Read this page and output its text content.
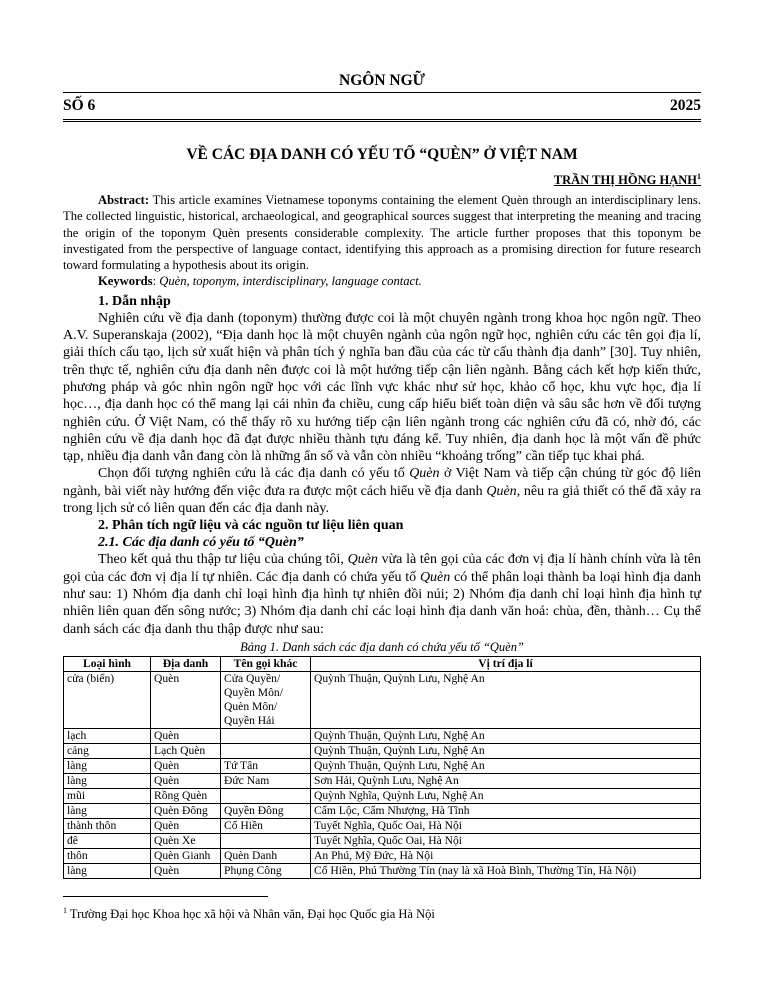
NGÔN NGỮ
SỐ 6	2025
VỀ CÁC ĐỊA DANH CÓ YẾU TỐ “QUÈN” Ở VIỆT NAM
TRẦN THỊ HỒNG HẠNH$^1$

Abstract: This article examines Vietnamese toponyms containing the element Quèn through an interdisciplinary lens. The collected linguistic, historical, archaeological, and geographical sources suggest that interpreting the meaning and tracing the origin of the toponym Quèn presents considerable complexity. The article further proposes that this toponym be investigated from the perspective of language contact, identifying this approach as a promising direction for future research toward formulating a hypothesis about its origin.

Keywords: Quèn, toponym, interdisciplinary, language contact.

1. Dẫn nhập

Nghiên cứu về địa danh (toponym) thường được coi là một chuyên ngành trong khoa học ngôn ngữ. Theo A.V. Superanskaja (2002), “Địa danh học là một chuyên ngành của ngôn ngữ học, nghiên cứu các tên gọi địa lí, giải thích cấu tạo, lịch sử xuất hiện và phân tích ý nghĩa ban đầu của các từ cấu thành địa danh” [30]. Tuy nhiên, trên thực tế, nghiên cứu địa danh nên được coi là một hướng tiếp cận liên ngành. Bằng cách kết hợp kiến thức, phương pháp và góc nhìn ngôn ngữ học với các lĩnh vực khác như sử học, khảo cổ học, khu vực học, địa lí học…, địa danh học có thể mang lại cái nhìn đa chiều, cung cấp hiểu biết toàn diện và sâu sắc hơn về đối tượng nghiên cứu. Ở Việt Nam, có thể thấy rõ xu hướng tiếp cận liên ngành trong các nghiên cứu đã có, nhờ đó, các nghiên cứu về địa danh học đã đạt được nhiều thành tựu đáng kể. Tuy nhiên, địa danh học là một vấn đề phức tạp, nhiều địa danh vẫn đang còn là những ẩn số và vẫn còn nhiều “khoảng trống” cần tiếp tục khai phá.

Chọn đối tượng nghiên cứu là các địa danh có yếu tố Quèn ở Việt Nam và tiếp cận chúng từ góc độ liên ngành, bài viết này hướng đến việc đưa ra được một cách hiểu về địa danh Quèn, nêu ra giả thiết có thể đã xảy ra trong lịch sử có liên quan đến các địa danh này.

2. Phân tích ngữ liệu và các nguồn tư liệu liên quan
2.1. Các địa danh có yếu tố “Quèn”

Theo kết quả thu thập tư liệu của chúng tôi, Quèn vừa là tên gọi của các đơn vị địa lí hành chính vừa là tên gọi của các đơn vị địa lí tự nhiên. Các địa danh có chứa yếu tố Quèn có thể phân loại thành ba loại hình địa danh như sau: 1) Nhóm địa danh chỉ loại hình địa hình tự nhiên đồi núi; 2) Nhóm địa danh chỉ loại hình địa hình tự nhiên liên quan đến sông nước; 3) Nhóm địa danh chỉ các loại hình địa danh văn hoá: chùa, đền, thành… Cụ thể danh sách các địa danh thu thập được như sau:

Bảng 1. Danh sách các địa danh có chứa yếu tố “Quèn”
Loại hình	Địa danh	Tên gọi khác	Vị trí địa lí
cửa (biển)	Quèn	Cửa Quyền/ Quyền Môn/ Quèn Môn/ Quyền Hải	Quỳnh Thuận, Quỳnh Lưu, Nghệ An
lạch	Quèn		Quỳnh Thuận, Quỳnh Lưu, Nghệ An
cảng	Lạch Quèn		Quỳnh Thuận, Quỳnh Lưu, Nghệ An
làng	Quèn	Tứ Tân	Quỳnh Thuận, Quỳnh Lưu, Nghệ An
làng	Quèn	Đức Nam	Sơn Hải, Quỳnh Lưu, Nghệ An
mũi	Rồng Quèn		Quỳnh Nghĩa, Quỳnh Lưu, Nghệ An
làng	Quèn Đông	Quyền Đông	Cẩm Lộc, Cẩm Nhượng, Hà Tĩnh
thành thôn	Quèn	Cổ Hiền	Tuyết Nghĩa, Quốc Oai, Hà Nội
đê	Quèn Xe		Tuyết Nghĩa, Quốc Oai, Hà Nội
thôn	Quèn Gianh	Quèn Danh	An Phú, Mỹ Đức, Hà Nội
làng	Quèn	Phụng Công	Cổ Hiền, Phú Thường Tín (nay là xã Hoà Bình, Thường Tín, Hà Nội)
$^1$ Trường Đại học Khoa học xã hội và Nhân văn, Đại học Quốc gia Hà Nội
